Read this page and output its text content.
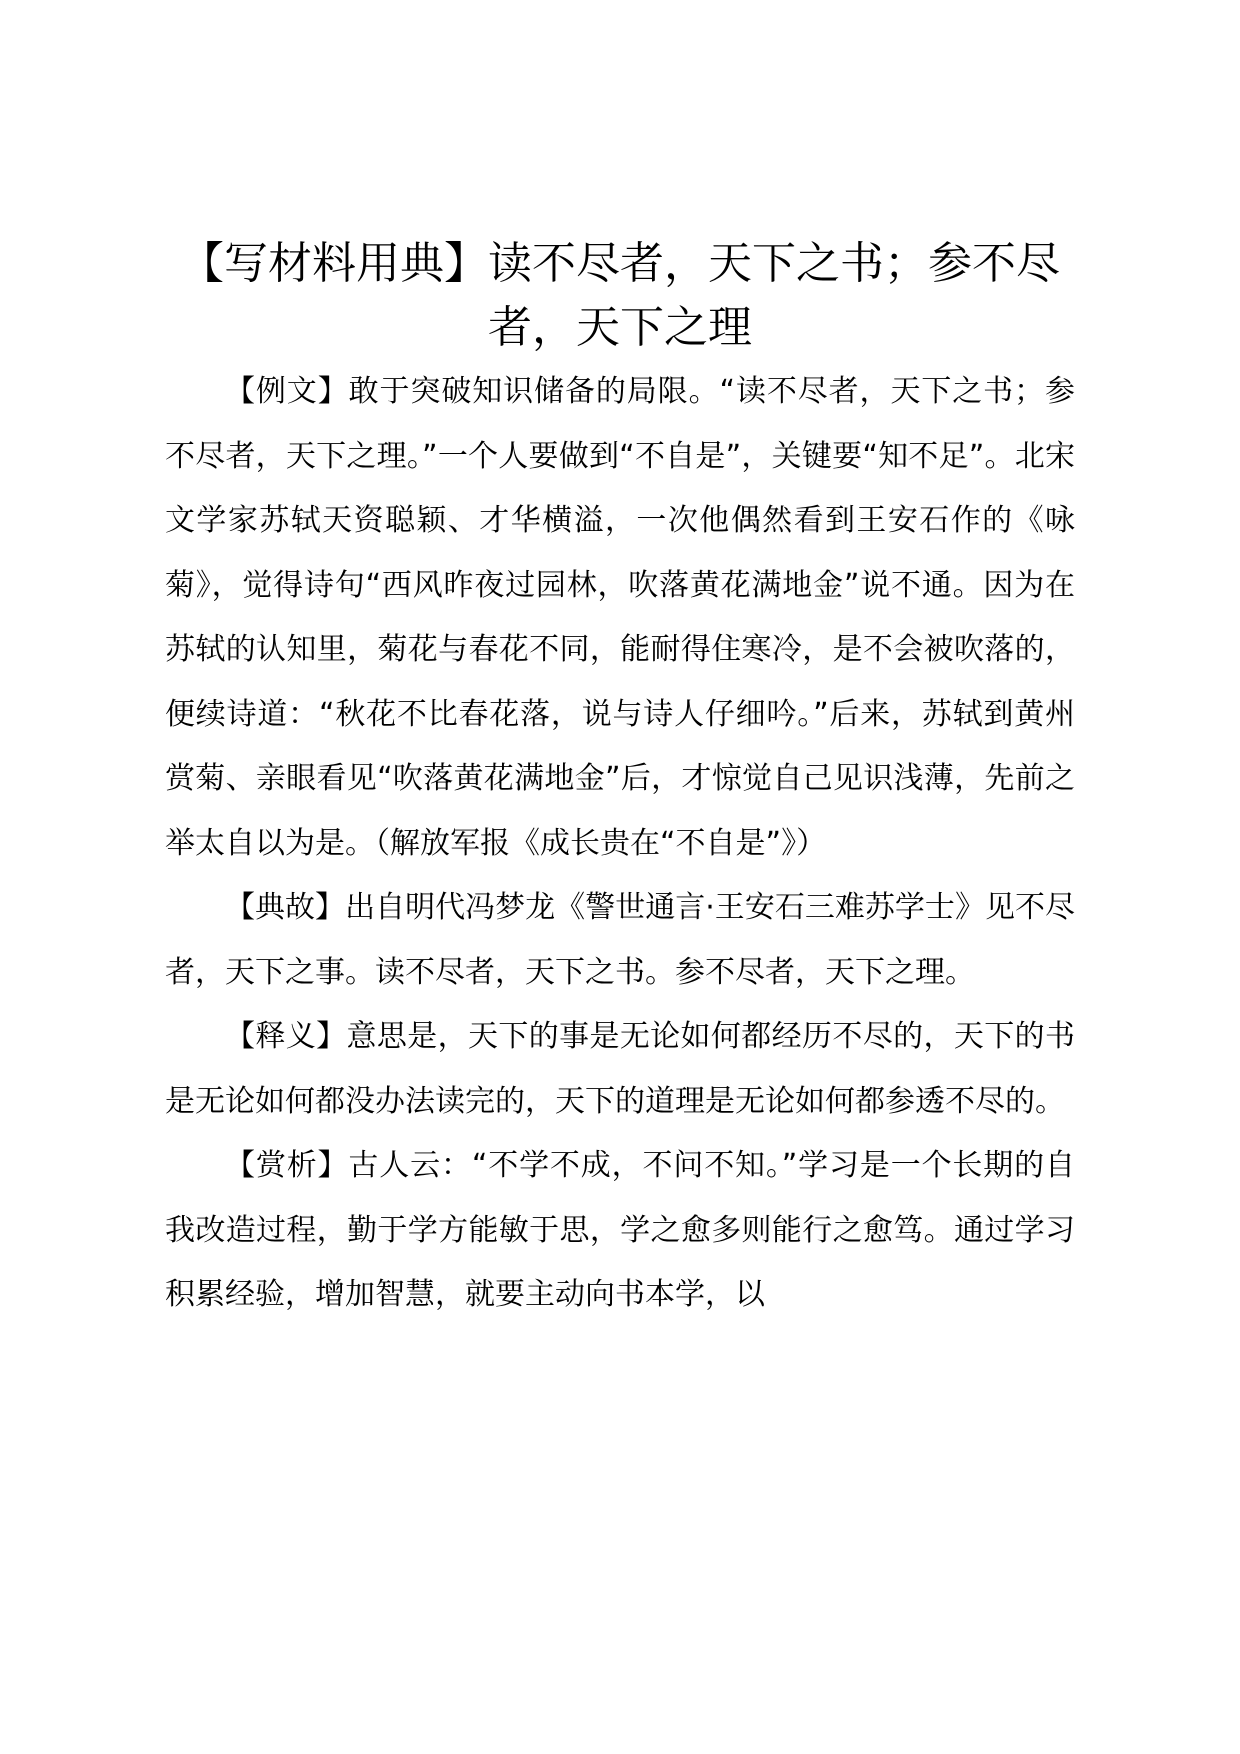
【写材料用典】读不尽者，天下之书；参不尽者，天下之理

【例文】敢于突破知识储备的局限。“读不尽者，天下之书；参不尽者，天下之理。”一个人要做到“不自是”，关键要“知不足”。北宋文学家苏轼天资聪颖、才华横溢，一次他偶然看到王安石作的《咏菊》，觉得诗句“西风昨夜过园林，吹落黄花满地金”说不通。因为在苏轼的认知里，菊花与春花不同，能耐得住寒冷，是不会被吹落的，便续诗道：“秋花不比春花落，说与诗人仔细吟。”后来，苏轼到黄州赏菊、亲眼看见“吹落黄花满地金”后，才惊觉自己见识浅薄，先前之举太自以为是。（解放军报《成长贵在“不自是”》）

【典故】出自明代冯梦龙《警世通言·王安石三难苏学士》见不尽者，天下之事。读不尽者，天下之书。参不尽者，天下之理。

【释义】意思是，天下的事是无论如何都经历不尽的，天下的书是无论如何都没办法读完的，天下的道理是无论如何都参透不尽的。

【赏析】古人云：“不学不成，不问不知。”学习是一个长期的自我改造过程，勤于学方能敏于思，学之愈多则能行之愈笃。通过学习积累经验，增加智慧，就要主动向书本学，以
